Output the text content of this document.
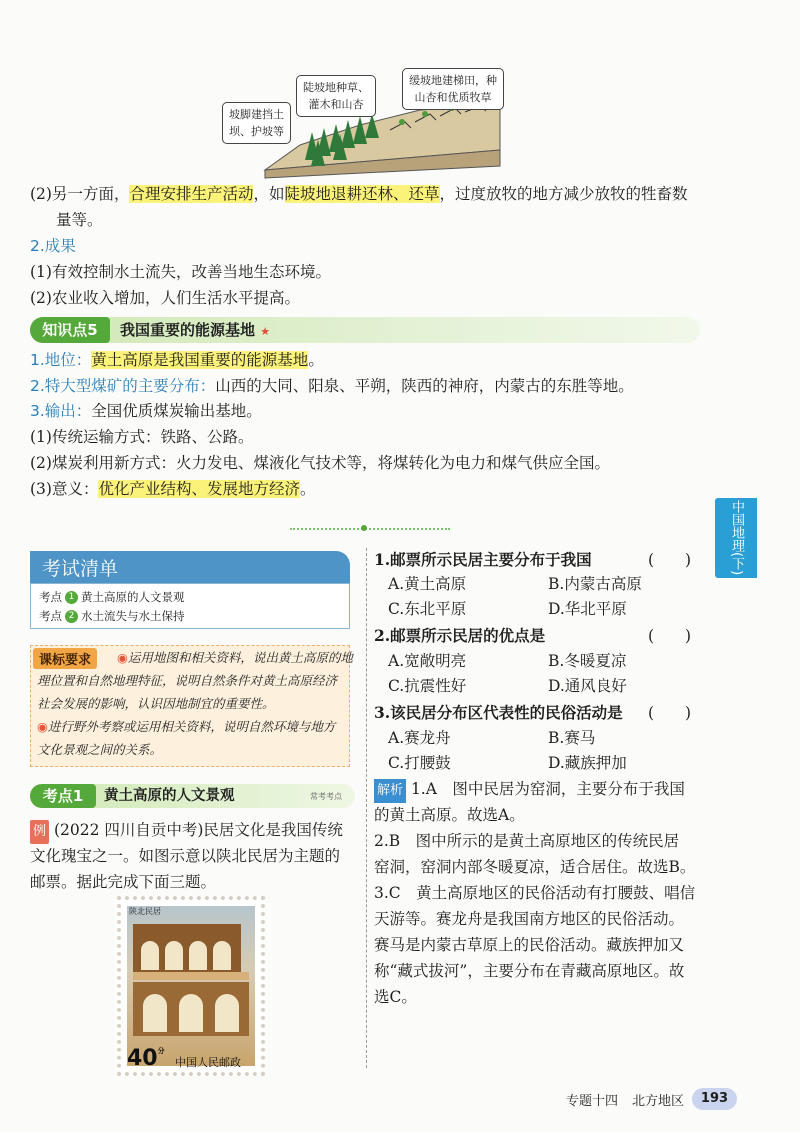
坡脚建挡土
坝、护坡等
陡坡地种草、
灌木和山杏
缓坡地建梯田，种
山杏和优质牧草
(2)另一方面，合理安排生产活动，如陡坡地退耕还林、还草，过度放牧的地方减少放牧的牲畜数
量等。
2.成果
(1)有效控制水土流失，改善当地生态环境。
(2)农业收入增加，人们生活水平提高。
知识点5	我国重要的能源基地 ★
1.地位：黄土高原是我国重要的能源基地。
2.特大型煤矿的主要分布：山西的大同、阳泉、平朔，陕西的神府，内蒙古的东胜等地。
3.输出：全国优质煤炭输出基地。
(1)传统运输方式：铁路、公路。
(2)煤炭利用新方式：火力发电、煤液化气技术等，将煤转化为电力和煤气供应全国。
(3)意义：优化产业结构、发展地方经济。
中国地理(下)
考试清单
考点 1 黄土高原的人文景观
考点 2 水土流失与水土保持
课标要求	◉运用地图和相关资料，说出黄土高原的地
理位置和自然地理特征，说明自然条件对黄土高原经济
社会发展的影响，认识因地制宜的重要性。
◉进行野外考察或运用相关资料，说明自然环境与地方
文化景观之间的关系。
考点1	黄土高原的人文景观	常考考点
例 (2022 四川自贡中考)民居文化是我国传统
文化瑰宝之一。如图示意以陕北民居为主题的
邮票。据此完成下面三题。
陕北民居
$40^分$
中国人民邮政
1.邮票所示民居主要分布于我国	(　　)
A.黄土高原	B.内蒙古高原
C.东北平原	D.华北平原
2.邮票所示民居的优点是	(　　)
A.宽敞明亮	B.冬暖夏凉
C.抗震性好	D.通风良好
3.该民居分布区代表性的民俗活动是 (　　)
A.赛龙舟	B.赛马
C.打腰鼓	D.藏族押加
解析 1.A　图中民居为窑洞，主要分布于我国
的黄土高原。故选A。
2.B　图中所示的是黄土高原地区的传统民居
窑洞，窑洞内部冬暖夏凉，适合居住。故选B。
3.C　黄土高原地区的民俗活动有打腰鼓、唱信
天游等。赛龙舟是我国南方地区的民俗活动。
赛马是内蒙古草原上的民俗活动。藏族押加又
称“藏式拔河”，主要分布在青藏高原地区。故
选C。
专题十四 北方地区	193
